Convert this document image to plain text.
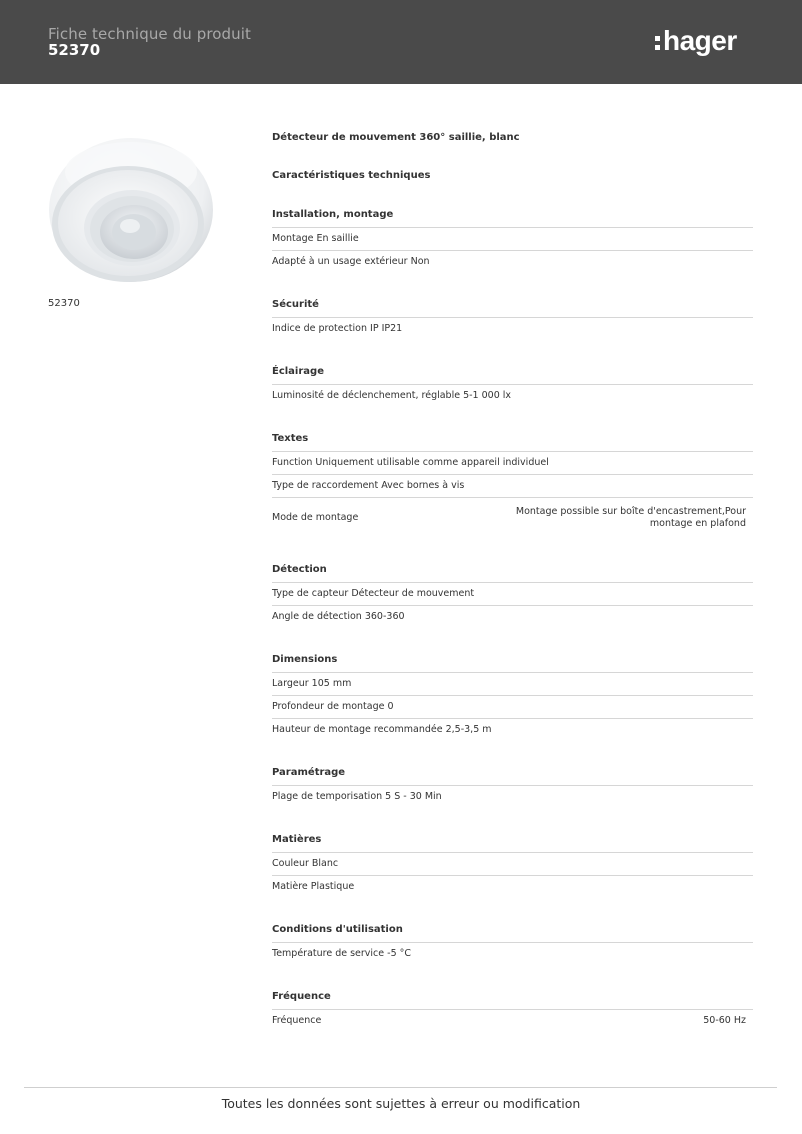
Fiche technique du produit
52370	hager
52370
Détecteur de mouvement 360° saillie, blanc
Caractéristiques techniques
Installation, montage
Montage En saillie
Adapté à un usage extérieur Non
Sécurité
Indice de protection IP IP21
Éclairage
Luminosité de déclenchement, réglable 5-1 000 lx
Textes
Function Uniquement utilisable comme appareil individuel
Type de raccordement Avec bornes à vis
Mode de montage
Montage possible sur boîte d'encastrement,Pour montage en plafond
Détection
Type de capteur Détecteur de mouvement
Angle de détection 360-360
Dimensions
Largeur 105 mm
Profondeur de montage 0
Hauteur de montage recommandée 2,5-3,5 m
Paramétrage
Plage de temporisation 5 S - 30 Min
Matières
Couleur Blanc
Matière Plastique
Conditions d'utilisation
Température de service -5 °C
Fréquence
Fréquence	50-60 Hz
Toutes les données sont sujettes à erreur ou modification
